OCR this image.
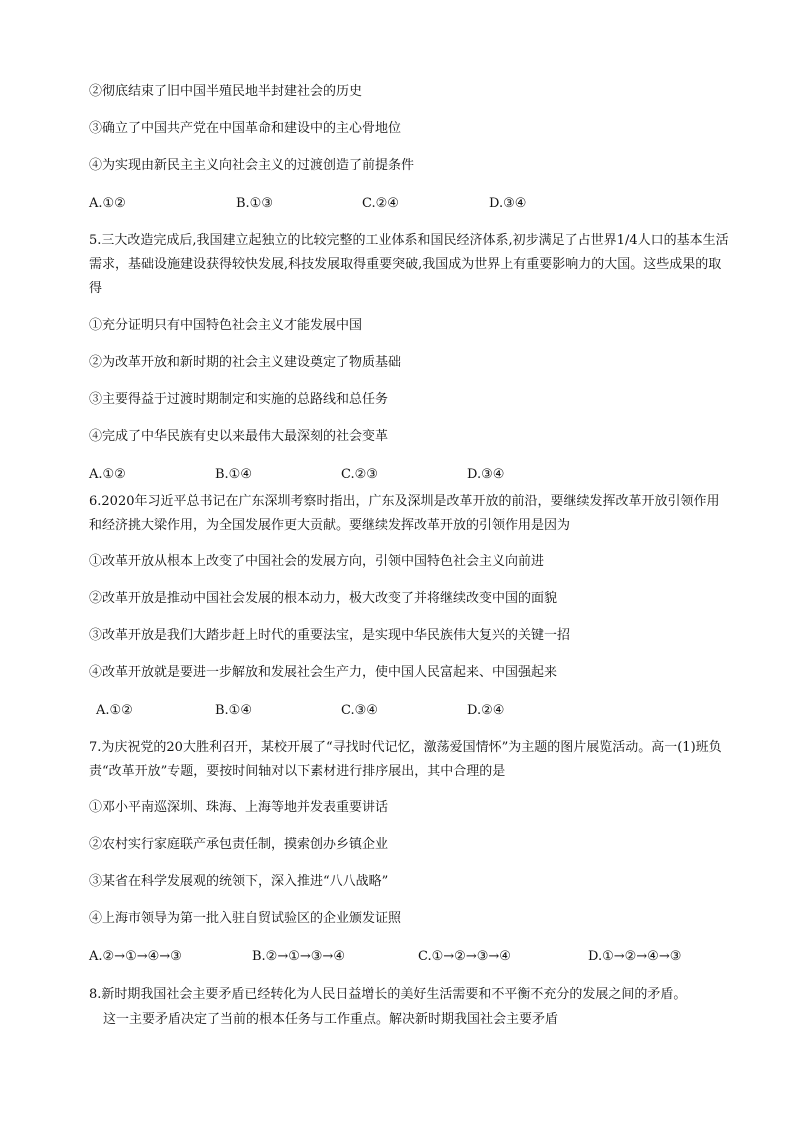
②彻底结束了旧中国半殖民地半封建社会的历史
③确立了中国共产党在中国革命和建设中的主心骨地位
④为实现由新民主主义向社会主义的过渡创造了前提条件
A.①②	B.①③	C.②④	D.③④
5.三大改造完成后,我国建立起独立的比较完整的工业体系和国民经济体系,初步满足了占世界1/4人口的基本生活需求，基础设施建设获得较快发展,科技发展取得重要突破,我国成为世界上有重要影响力的大国。这些成果的取得
①充分证明只有中国特色社会主义才能发展中国
②为改革开放和新时期的社会主义建设奠定了物质基础
③主要得益于过渡时期制定和实施的总路线和总任务
④完成了中华民族有史以来最伟大最深刻的社会变革
A.①②	B.①④	C.②③	D.③④
6.2020年习近平总书记在广东深圳考察时指出，广东及深圳是改革开放的前沿，要继续发挥改革开放引领作用和经济挑大梁作用，为全国发展作更大贡献。要继续发挥改革开放的引领作用是因为
①改革开放从根本上改变了中国社会的发展方向，引领中国特色社会主义向前进
②改革开放是推动中国社会发展的根本动力，极大改变了并将继续改变中国的面貌
③改革开放是我们大踏步赶上时代的重要法宝，是实现中华民族伟大复兴的关键一招
④改革开放就是要进一步解放和发展社会生产力，使中国人民富起来、中国强起来
A.①②	B.①④	C.③④	D.②④
7.为庆祝党的20大胜利召开，某校开展了“寻找时代记忆，激荡爱国情怀”为主题的图片展览活动。高一(1)班负责“改革开放”专题，要按时间轴对以下素材进行排序展出，其中合理的是
①邓小平南巡深圳、珠海、上海等地并发表重要讲话
②农村实行家庭联产承包责任制，摸索创办乡镇企业
③某省在科学发展观的统领下，深入推进“八八战略”
④上海市领导为第一批入驻自贸试验区的企业颁发证照
A.②→①→④→③	B.②→①→③→④	C.①→②→③→④	D.①→②→④→③
8.新时期我国社会主要矛盾已经转化为人民日益增长的美好生活需要和不平衡不充分的发展之间的矛盾。
这一主要矛盾决定了当前的根本任务与工作重点。解决新时期我国社会主要矛盾
